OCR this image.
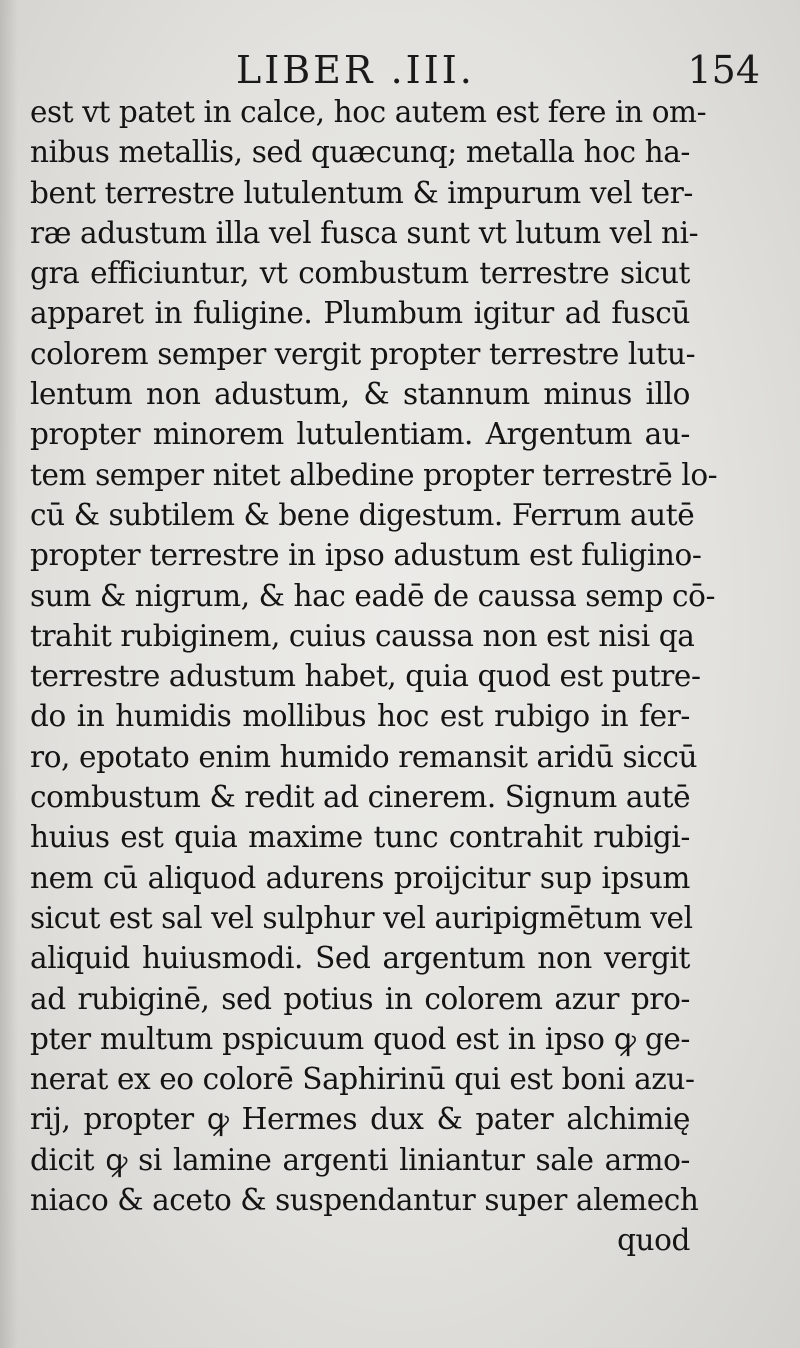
LIBER .III.	154
est vt patet in calce, hoc autem est fere in om-
nibus metallis, sed quæcunq; metalla hoc ha-
bent terrestre lutulentum & impurum vel ter-
ræ adustum illa vel fusca sunt vt lutum vel ni-
gra efficiuntur, vt combustum terrestre sicut
apparet in fuligine. Plumbum igitur ad fuscū
colorem semper vergit propter terrestre lutu-
lentum non adustum, & stannum minus illo
propter minorem lutulentiam. Argentum au-
tem semper nitet albedine propter terrestrē lo-
cū & subtilem & bene digestum. Ferrum autē
propter terrestre in ipso adustum est fuligino-
sum & nigrum, & hac eadē de caussa semp cō-
trahit rubiginem, cuius caussa non est nisi qa
terrestre adustum habet, quia quod est putre-
do in humidis mollibus hoc est rubigo in fer-
ro, epotato enim humido remansit aridū siccū
combustum & redit ad cinerem. Signum autē
huius est quia maxime tunc contrahit rubigi-
nem cū aliquod adurens proijcitur sup ipsum
sicut est sal vel sulphur vel auripigmētum vel
aliquid huiusmodi. Sed argentum non vergit
ad rubiginē, sed potius in colorem azur pro-
pter multum pspicuum quod est in ipso ꝙ ge-
nerat ex eo colorē Saphirinū qui est boni azu-
rij, propter ꝙ Hermes dux & pater alchimię
dicit ꝙ si lamine argenti liniantur sale armo-
niaco & aceto & suspendantur super alemech
quod
